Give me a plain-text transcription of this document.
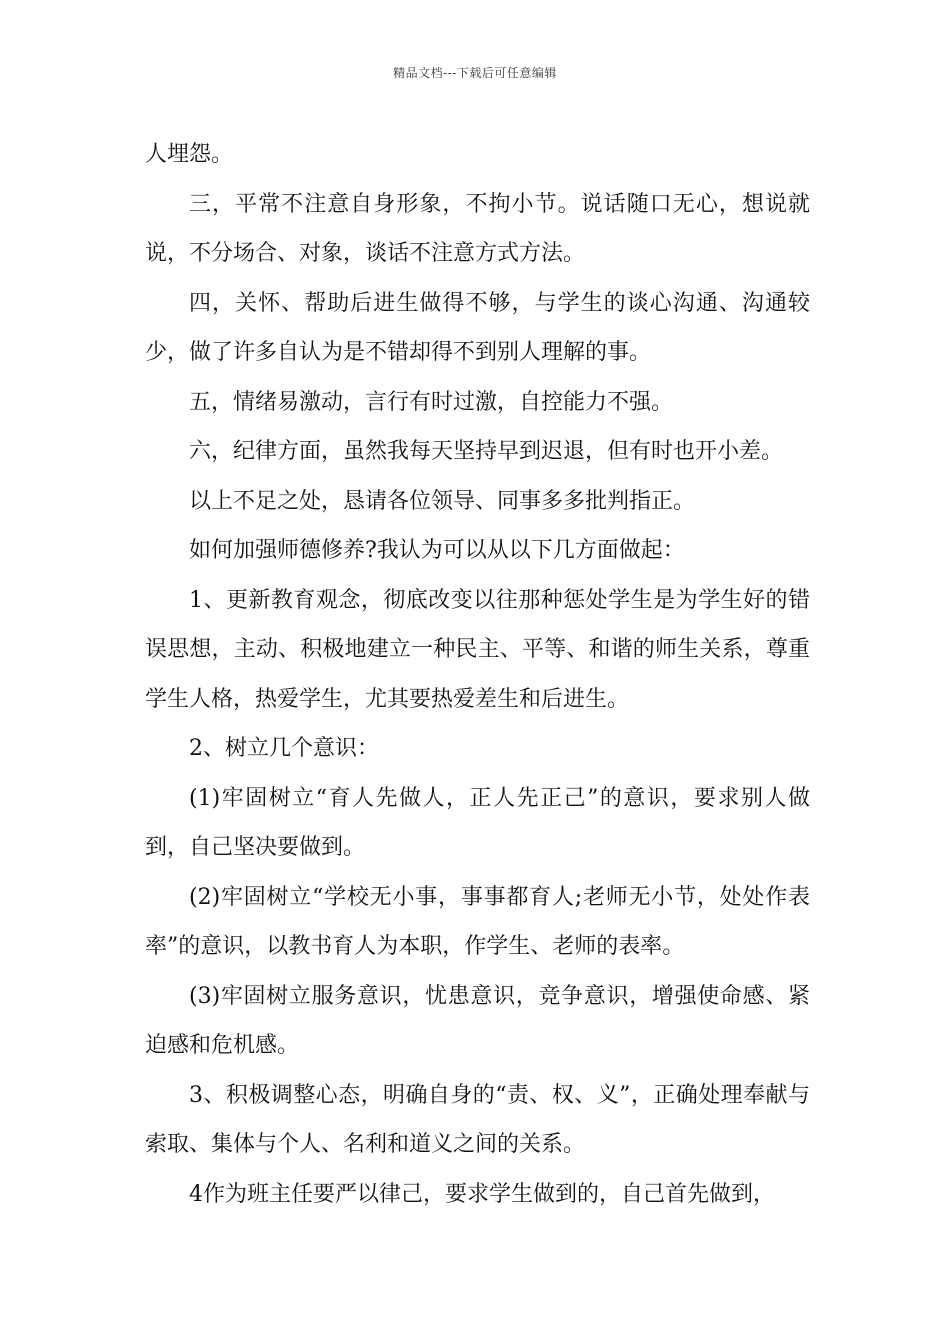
精品文档---下载后可任意编辑

人埋怨。

三，平常不注意自身形象，不拘小节。说话随口无心，想说就说，不分场合、对象，谈话不注意方式方法。

四，关怀、帮助后进生做得不够，与学生的谈心沟通、沟通较少，做了许多自认为是不错却得不到别人理解的事。

五，情绪易激动，言行有时过激，自控能力不强。

六，纪律方面，虽然我每天坚持早到迟退，但有时也开小差。

以上不足之处，恳请各位领导、同事多多批判指正。

如何加强师德修养?我认为可以从以下几方面做起：

1、更新教育观念，彻底改变以往那种惩处学生是为学生好的错误思想，主动、积极地建立一种民主、平等、和谐的师生关系，尊重学生人格，热爱学生，尤其要热爱差生和后进生。

2、树立几个意识：

(1)牢固树立“育人先做人，正人先正己”的意识，要求别人做到，自己坚决要做到。

(2)牢固树立“学校无小事，事事都育人;老师无小节，处处作表率”的意识，以教书育人为本职，作学生、老师的表率。

(3)牢固树立服务意识，忧患意识，竞争意识，增强使命感、紧迫感和危机感。

3、积极调整心态，明确自身的“责、权、义”，正确处理奉献与索取、集体与个人、名利和道义之间的关系。

4作为班主任要严以律己，要求学生做到的，自己首先做到，
